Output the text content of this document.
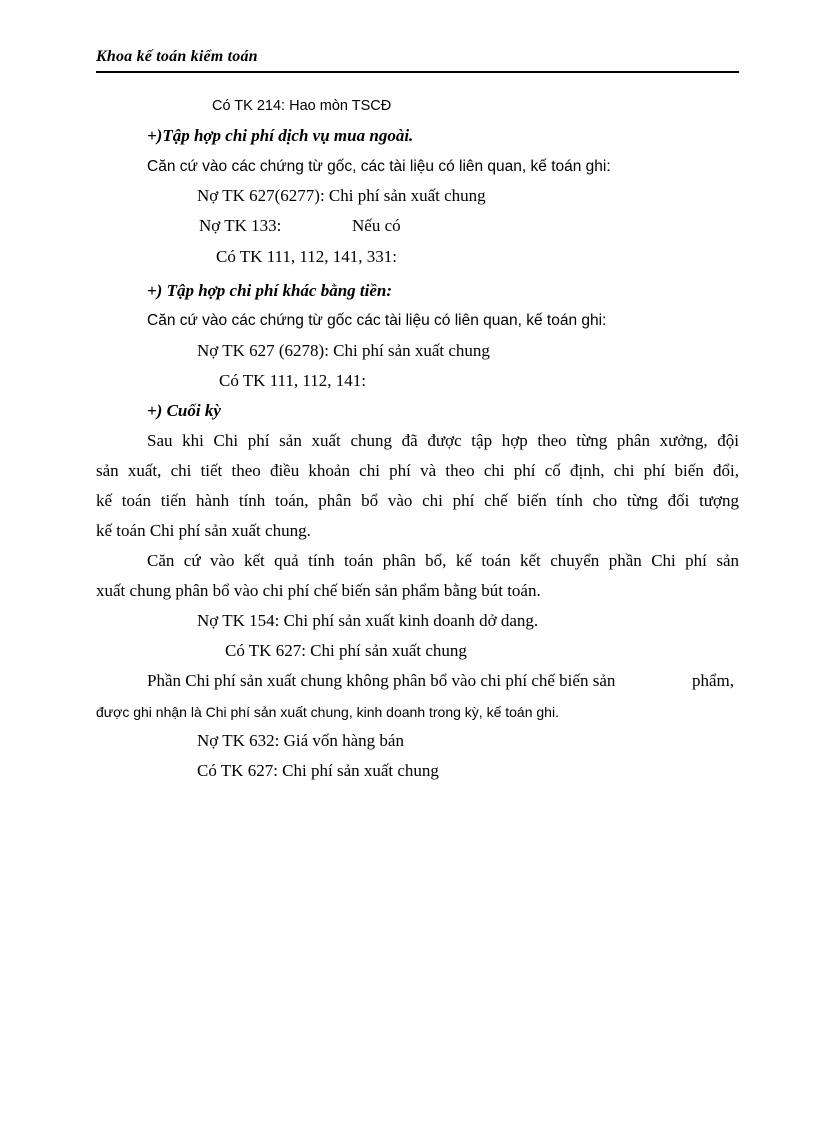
Khoa kế toán kiểm toán
Có TK 214: Hao mòn TSCĐ
+)Tập hợp chi phí dịch vụ mua ngoài.
Căn cứ vào các chứng từ gốc, các tài liệu có liên quan, kế toán ghi:
Nợ TK 627(6277): Chi phí sản xuất chung
Nợ TK 133:	Nếu có
Có TK 111, 112, 141, 331:
+) Tập hợp chi phí khác bằng tiền:
Căn cứ vào các chứng từ gốc các tài liệu có liên quan, kế toán ghi:
Nợ TK 627 (6278): Chi phí sản xuất chung
Có TK 111, 112, 141:
+) Cuối kỳ
Sau khi Chi phí sản xuất chung đã được tập hợp theo từng phân xưởng, đội
sản xuất, chi tiết theo điều khoản chi phí và theo chi phí cố định, chi phí biến đổi,
kế toán tiến hành tính toán, phân bổ vào chi phí chế biến tính cho từng đối tượng
kế toán Chi phí sản xuất chung.
Căn cứ vào kết quả tính toán phân bổ, kế toán kết chuyển phần Chi phí sản
xuất chung phân bổ vào chi phí chế biến sản phẩm bằng bút toán.
Nợ TK 154: Chi phí sản xuất kinh doanh dở dang.
Có TK 627: Chi phí sản xuất chung
Phần Chi phí sản xuất chung không phân bổ vào chi phí chế biến sản	phẩm,
được ghi nhận là Chi phí sản xuất chung, kinh doanh trong kỳ, kế toán ghi.
Nợ TK 632: Giá vốn hàng bán
Có TK 627: Chi phí sản xuất chung
